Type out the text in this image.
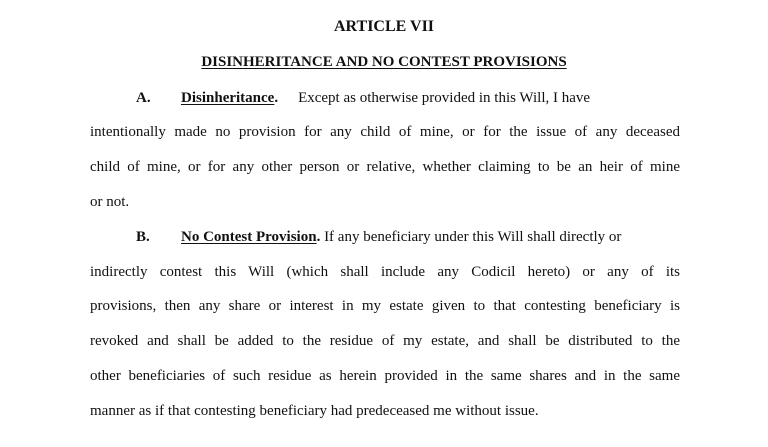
ARTICLE VII
DISINHERITANCE AND NO CONTEST PROVISIONS
A. Disinheritance. Except as otherwise provided in this Will, I have
intentionally made no provision for any child of mine, or for the issue of any deceased
child of mine, or for any other person or relative, whether claiming to be an heir of mine
or not.
B. No Contest Provision. If any beneficiary under this Will shall directly or
indirectly contest this Will (which shall include any Codicil hereto) or any of its
provisions, then any share or interest in my estate given to that contesting beneficiary is
revoked and shall be added to the residue of my estate, and shall be distributed to the
other beneficiaries of such residue as herein provided in the same shares and in the same
manner as if that contesting beneficiary had predeceased me without issue.
